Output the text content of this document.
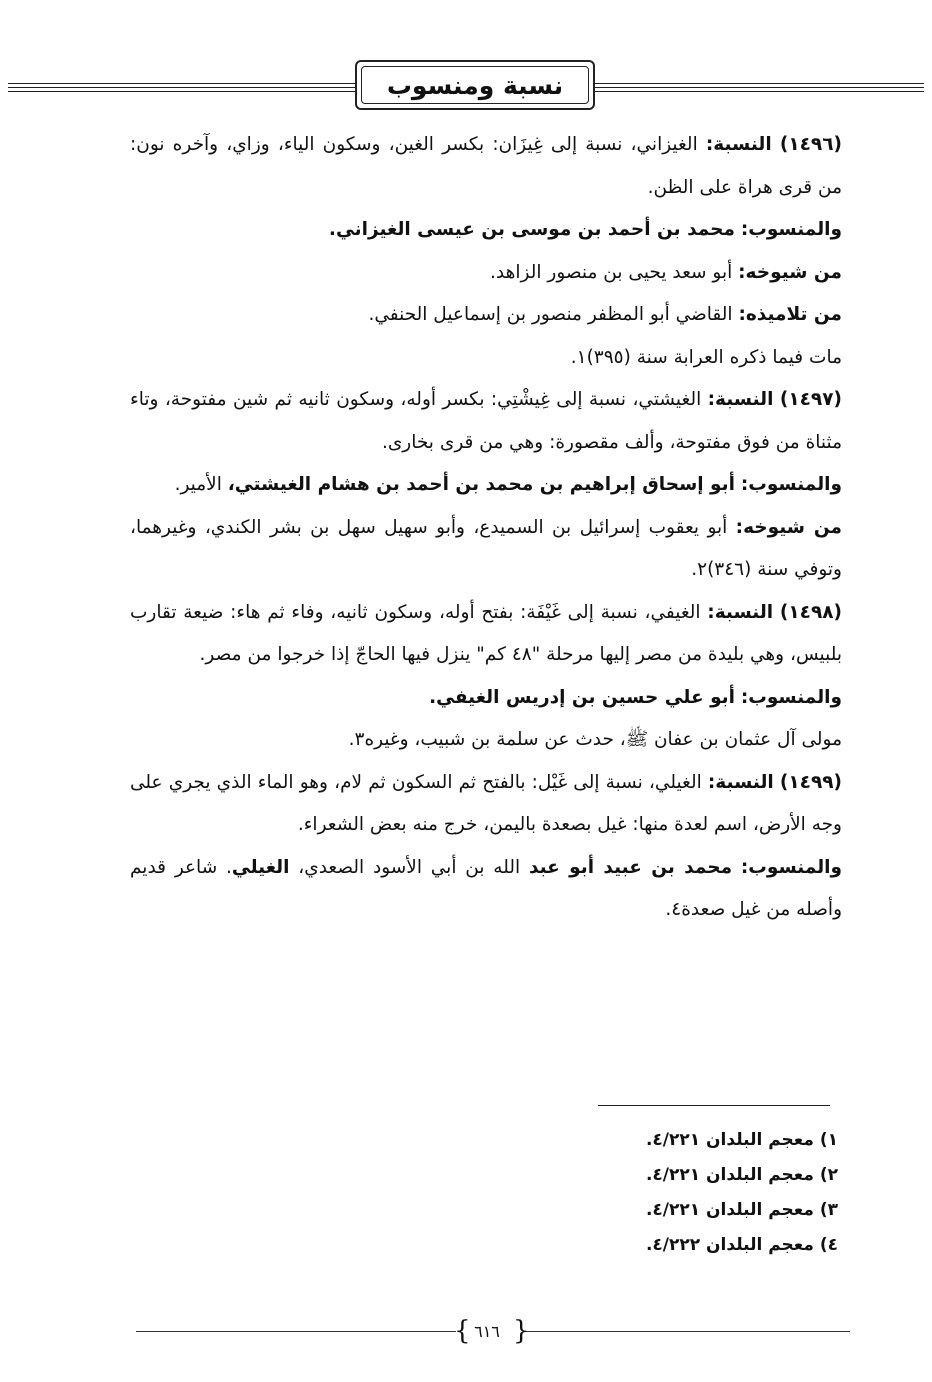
نسبة ومنسوب

(١٤٩٦) النسبة: الغيزاني، نسبة إلى غِيزَان: بكسر الغين، وسكون الياء، وزاي، وآخره نون: من قرى هراة على الظن.

والمنسوب: محمد بن أحمد بن موسى بن عيسى الغيزاني.

من شيوخه: أبو سعد يحيى بن منصور الزاهد.

من تلاميذه: القاضي أبو المظفر منصور بن إسماعيل الحنفي.

مات فيما ذكره العرابة سنة (٣٩٥)١.

(١٤٩٧) النسبة: الغيشتي، نسبة إلى غِيشْتِي: بكسر أوله، وسكون ثانيه ثم شين مفتوحة، وتاء مثناة من فوق مفتوحة، وألف مقصورة: وهي من قرى بخارى.

والمنسوب: أبو إسحاق إبراهيم بن محمد بن أحمد بن هشام الغيشتي، الأمير.

من شيوخه: أبو يعقوب إسرائيل بن السميدع، وأبو سهيل سهل بن بشر الكندي، وغيرهما، وتوفي سنة (٣٤٦)٢.

(١٤٩٨) النسبة: الغيفي، نسبة إلى غَيْفَة: بفتح أوله، وسكون ثانيه، وفاء ثم هاء: ضيعة تقارب بلبيس، وهي بليدة من مصر إليها مرحلة "٤٨ كم" ينزل فيها الحاجّ إذا خرجوا من مصر.

والمنسوب: أبو علي حسين بن إدريس الغيفي.

مولى آل عثمان بن عفان ﷺ، حدث عن سلمة بن شبيب، وغيره٣.

(١٤٩٩) النسبة: الغيلي، نسبة إلى غَيْل: بالفتح ثم السكون ثم لام، وهو الماء الذي يجري على وجه الأرض، اسم لعدة منها: غيل بصعدة باليمن، خرج منه بعض الشعراء.

والمنسوب: محمد بن عبيد أبو عبد الله بن أبي الأسود الصعدي، الغيلي. شاعر قديم وأصله من غيل صعدة٤.

١) معجم البلدان ٤/٢٢١.

٢) معجم البلدان ٤/٢٢١.

٣) معجم البلدان ٤/٢٢١.

٤) معجم البلدان ٤/٢٢٢.

{ ٦١٦ }
